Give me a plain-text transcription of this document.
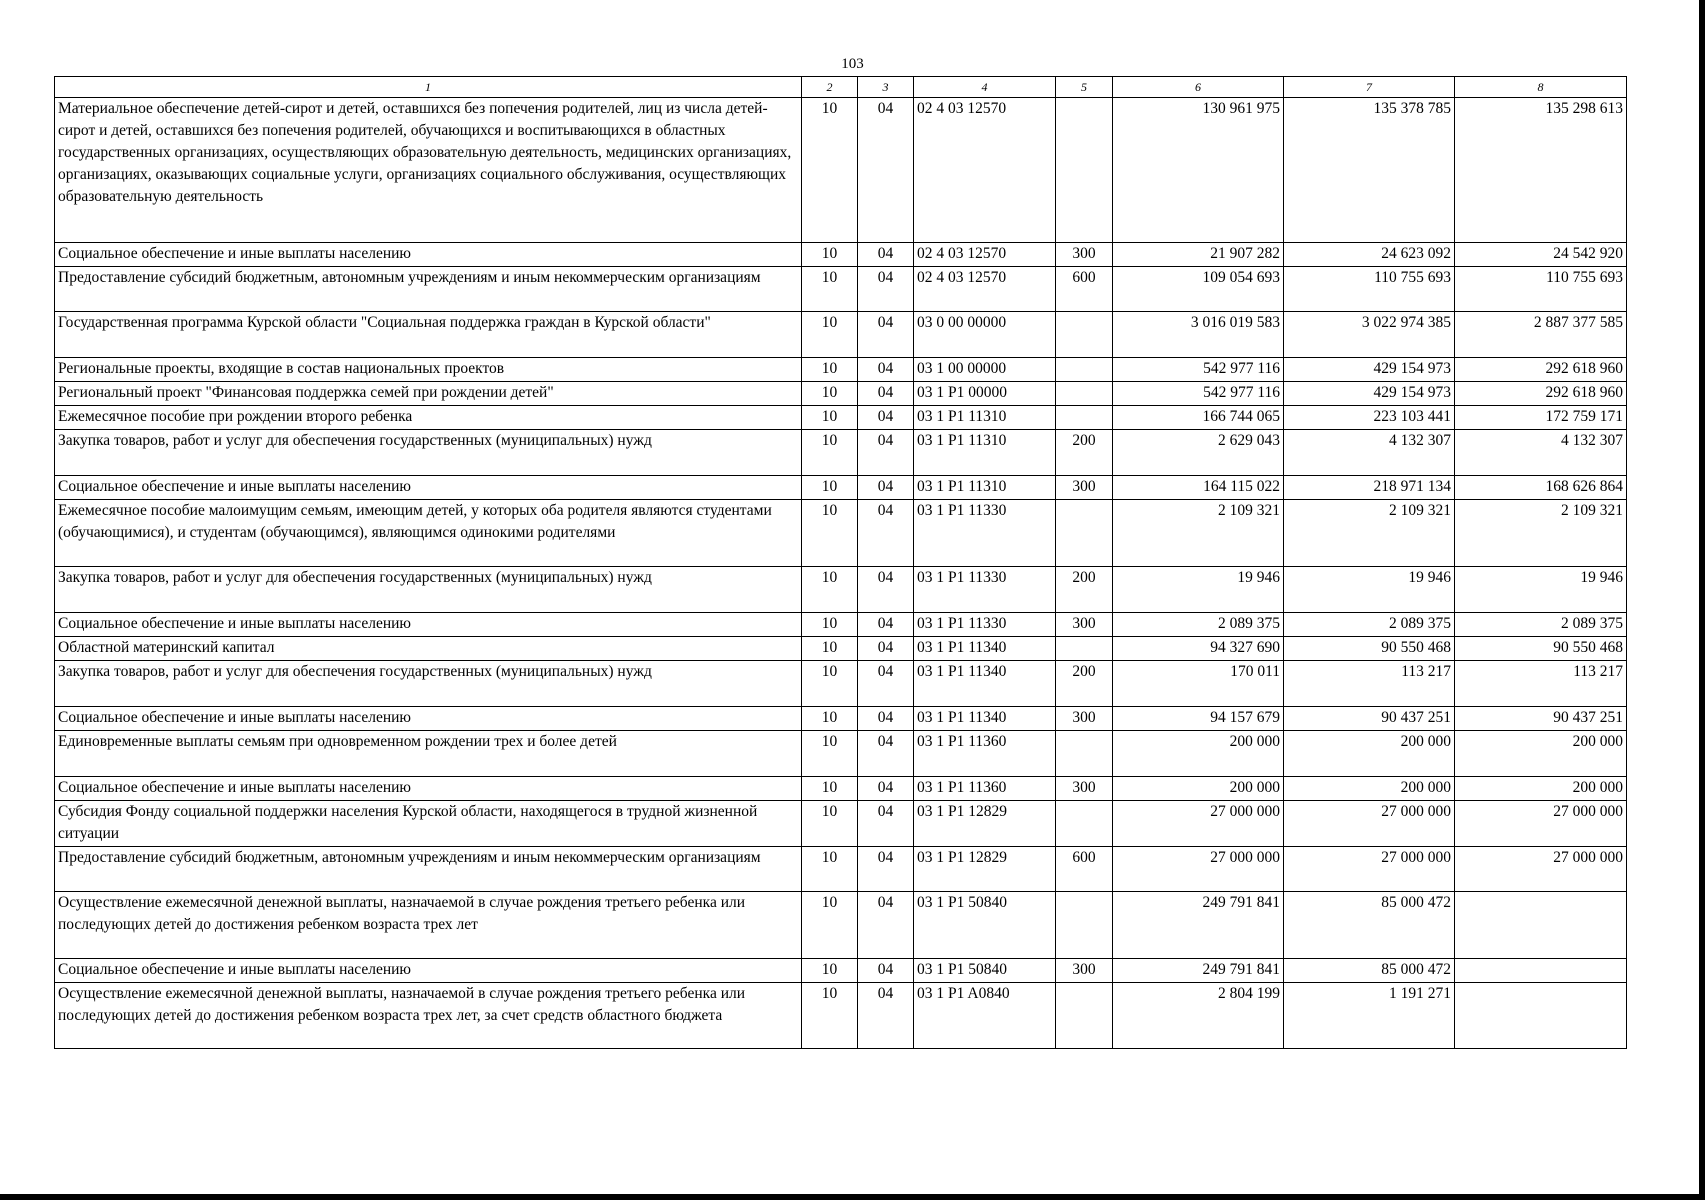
103
1	2	3	4	5	6	7	8
Материальное обеспечение детей-сирот и детей, оставшихся без попечения родителей, лиц из числа детей-сирот и детей, оставшихся без попечения родителей, обучающихся и воспитывающихся в областных государственных организациях, осуществляющих образовательную деятельность, медицинских организациях, организациях, оказывающих социальные услуги, организациях социального обслуживания, осуществляющих образовательную деятельность	10	04	02 4 03 12570		130 961 975	135 378 785	135 298 613
Социальное обеспечение и иные выплаты населению	10	04	02 4 03 12570	300	21 907 282	24 623 092	24 542 920
Предоставление субсидий бюджетным, автономным учреждениям и иным некоммерческим организациям	10	04	02 4 03 12570	600	109 054 693	110 755 693	110 755 693
Государственная программа Курской области "Социальная поддержка граждан в Курской области"	10	04	03 0 00 00000		3 016 019 583	3 022 974 385	2 887 377 585
Региональные проекты, входящие в состав национальных проектов	10	04	03 1 00 00000		542 977 116	429 154 973	292 618 960
Региональный проект "Финансовая поддержка семей при рождении детей"	10	04	03 1 P1 00000		542 977 116	429 154 973	292 618 960
Ежемесячное пособие при рождении второго ребенка	10	04	03 1 P1 11310		166 744 065	223 103 441	172 759 171
Закупка товаров, работ и услуг для обеспечения государственных (муниципальных) нужд	10	04	03 1 P1 11310	200	2 629 043	4 132 307	4 132 307
Социальное обеспечение и иные выплаты населению	10	04	03 1 P1 11310	300	164 115 022	218 971 134	168 626 864
Ежемесячное пособие малоимущим семьям, имеющим детей, у которых оба родителя являются студентами (обучающимися), и студентам (обучающимся), являющимся одинокими родителями	10	04	03 1 P1 11330		2 109 321	2 109 321	2 109 321
Закупка товаров, работ и услуг для обеспечения государственных (муниципальных) нужд	10	04	03 1 P1 11330	200	19 946	19 946	19 946
Социальное обеспечение и иные выплаты населению	10	04	03 1 P1 11330	300	2 089 375	2 089 375	2 089 375
Областной материнский капитал	10	04	03 1 P1 11340		94 327 690	90 550 468	90 550 468
Закупка товаров, работ и услуг для обеспечения государственных (муниципальных) нужд	10	04	03 1 P1 11340	200	170 011	113 217	113 217
Социальное обеспечение и иные выплаты населению	10	04	03 1 P1 11340	300	94 157 679	90 437 251	90 437 251
Единовременные выплаты семьям при одновременном рождении трех и более детей	10	04	03 1 P1 11360		200 000	200 000	200 000
Социальное обеспечение и иные выплаты населению	10	04	03 1 P1 11360	300	200 000	200 000	200 000
Субсидия Фонду социальной поддержки населения Курской области, находящегося в трудной жизненной ситуации	10	04	03 1 P1 12829		27 000 000	27 000 000	27 000 000
Предоставление субсидий бюджетным, автономным учреждениям и иным некоммерческим организациям	10	04	03 1 P1 12829	600	27 000 000	27 000 000	27 000 000
Осуществление ежемесячной денежной выплаты, назначаемой в случае рождения третьего ребенка или последующих детей до достижения ребенком возраста трех лет	10	04	03 1 P1 50840		249 791 841	85 000 472	
Социальное обеспечение и иные выплаты населению	10	04	03 1 P1 50840	300	249 791 841	85 000 472	
Осуществление ежемесячной денежной выплаты, назначаемой в случае рождения третьего ребенка или последующих детей до достижения ребенком возраста трех лет, за счет средств областного бюджета	10	04	03 1 P1 A0840		2 804 199	1 191 271	
